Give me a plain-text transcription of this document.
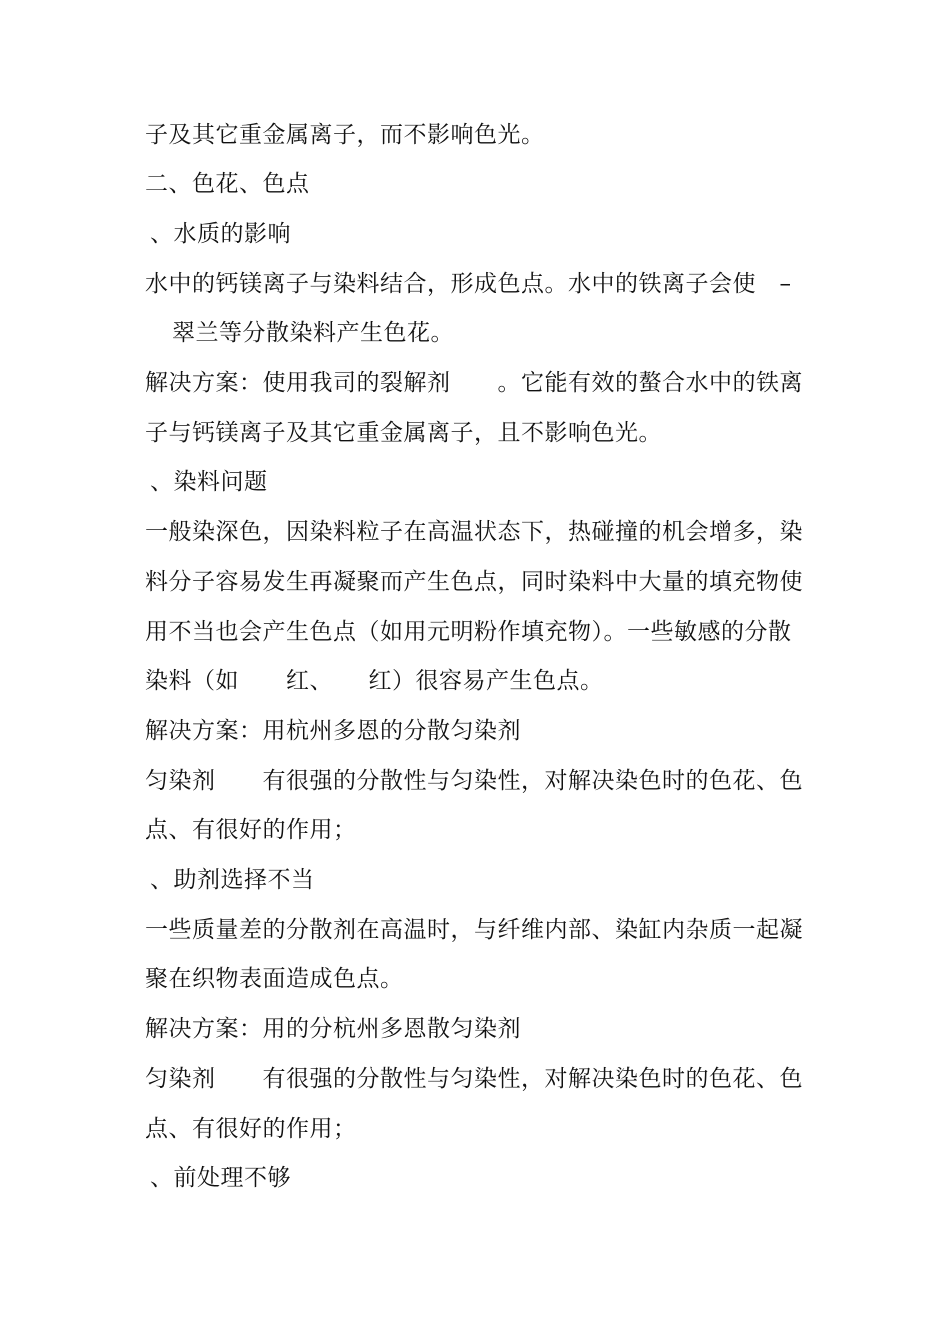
子及其它重金属离子，而不影响色光。
二、色花、色点
、水质的影响
水中的钙镁离子与染料结合，形成色点。水中的铁离子会使　–
翠兰等分散染料产生色花。
解决方案：使用我司的裂解剂　　。它能有效的螯合水中的铁离
子与钙镁离子及其它重金属离子，且不影响色光。
、染料问题
一般染深色，因染料粒子在高温状态下，热碰撞的机会增多，染
料分子容易发生再凝聚而产生色点，同时染料中大量的填充物使
用不当也会产生色点（如用元明粉作填充物）。一些敏感的分散
染料（如　　红、　　红）很容易产生色点。
解决方案：用杭州多恩的分散匀染剂
匀染剂　　有很强的分散性与匀染性，对解决染色时的色花、色
点、有很好的作用；
、助剂选择不当
一些质量差的分散剂在高温时，与纤维内部、染缸内杂质一起凝
聚在织物表面造成色点。
解决方案：用的分杭州多恩散匀染剂
匀染剂　　有很强的分散性与匀染性，对解决染色时的色花、色
点、有很好的作用；
、前处理不够
